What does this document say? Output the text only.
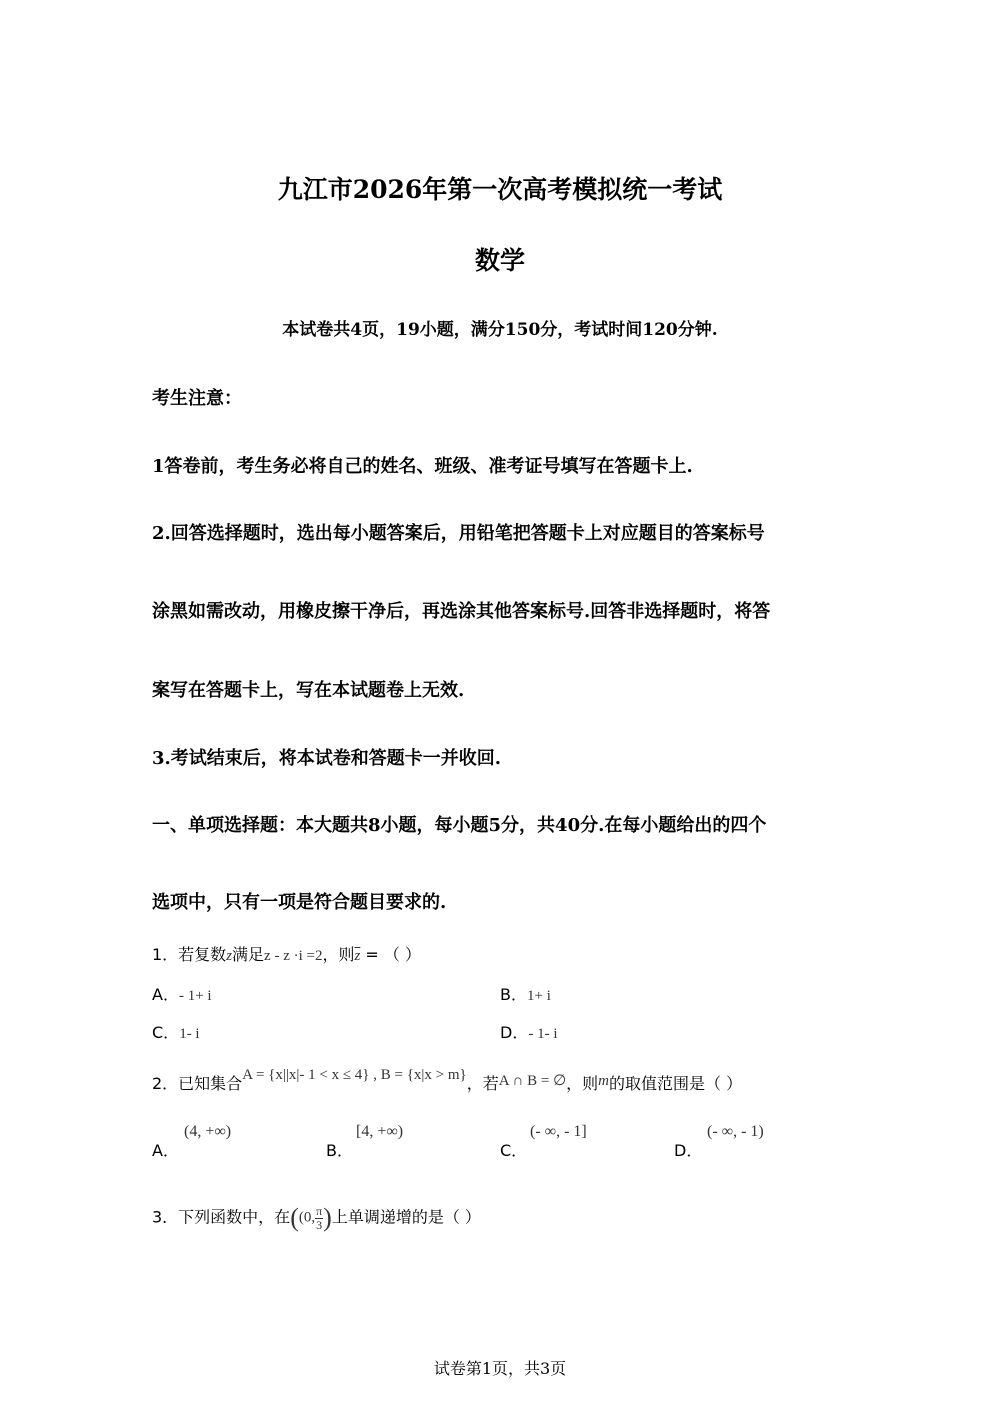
九江市2026年第一次高考模拟统一考试
数学
本试卷共4页，19小题，满分150分，考试时间120分钟.
考生注意：
1答卷前，考生务必将自己的姓名、班级、准考证号填写在答题卡上.
2.回答选择题时，选出每小题答案后，用铅笔把答题卡上对应题目的答案标号
涂黑如需改动，用橡皮擦干净后，再选涂其他答案标号.回答非选择题时，将答
案写在答题卡上，写在本试题卷上无效.
3.考试结束后，将本试卷和答题卡一并收回.
一、单项选择题：本大题共8小题，每小题5分，共40分.在每小题给出的四个
选项中，只有一项是符合题目要求的.
1．若复数z满足z - z ·i =2，则$\overline{z}$ = （ ）
A．- 1+ i	B．1+ i
C．1- i	D．- 1- i
2．已知集合A = {x||x|- 1 < x ≤ 4} , B = {x|x > m}，若A ∩ B = ∅，则m的取值范围是（ ）
A．
(4, +∞)
B．
[4, +∞)
C．
(- ∞, - 1]
D．
(- ∞, - 1)
3．下列函数中，在((0, $\frac{\pi}{3}$ )上单调递增的是（ ）
试卷第1页，共3页
